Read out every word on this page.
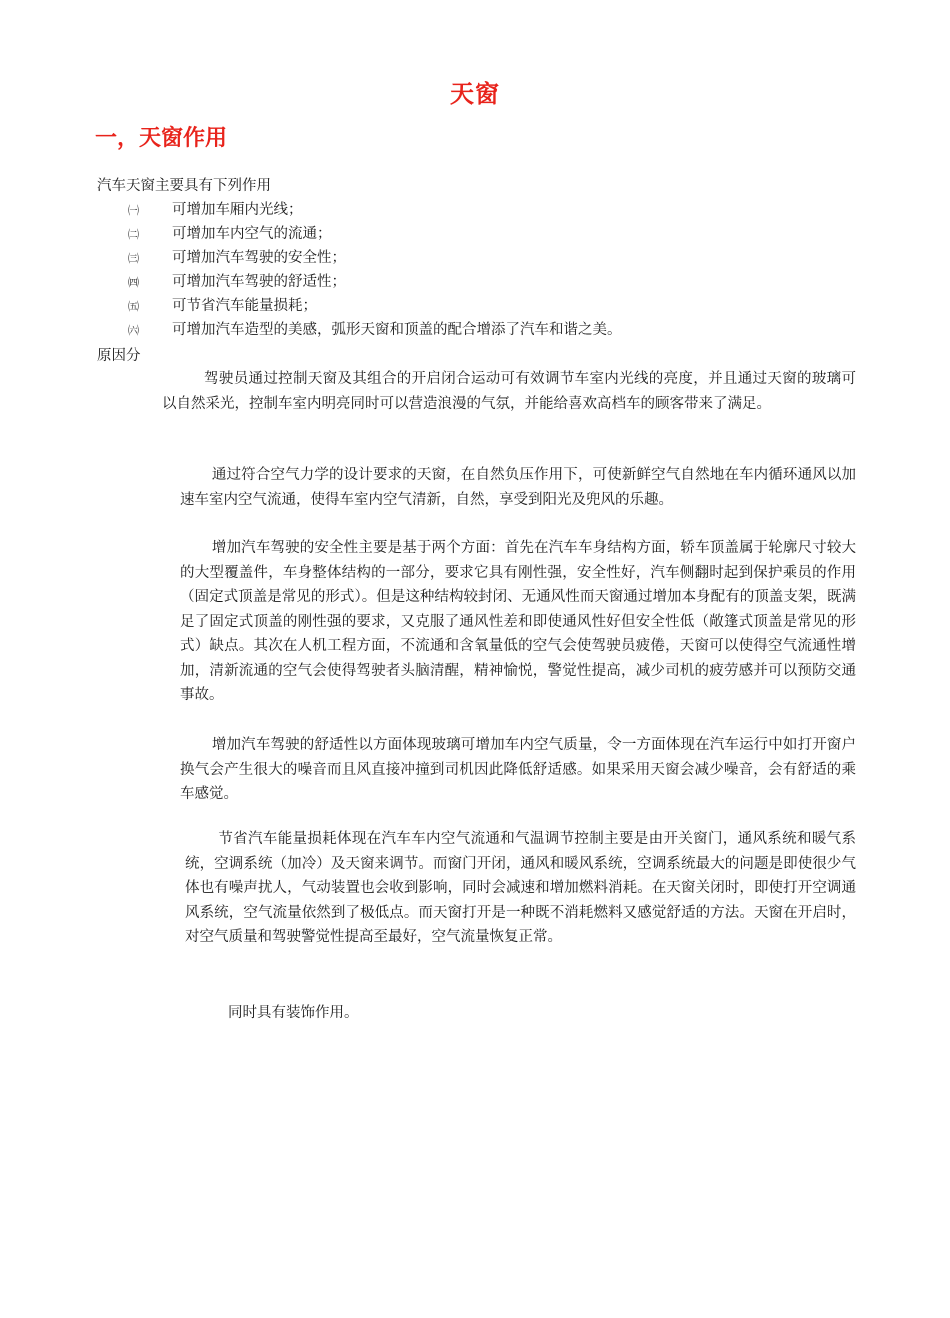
天窗
一，天窗作用
汽车天窗主要具有下列作用
㈠ 可增加车厢内光线；
㈡ 可增加车内空气的流通；
㈢ 可增加汽车驾驶的安全性；
㈣ 可增加汽车驾驶的舒适性；
㈤ 可节省汽车能量损耗；
㈥ 可增加汽车造型的美感，弧形天窗和顶盖的配合增添了汽车和谐之美。
原因分

驾驶员通过控制天窗及其组合的开启闭合运动可有效调节车室内光线的亮度，并且通过天窗的玻璃可以自然采光，控制车室内明亮同时可以营造浪漫的气氛，并能给喜欢高档车的顾客带来了满足。

通过符合空气力学的设计要求的天窗，在自然负压作用下，可使新鲜空气自然地在车内循环通风以加速车室内空气流通，使得车室内空气清新，自然，享受到阳光及兜风的乐趣。

增加汽车驾驶的安全性主要是基于两个方面：首先在汽车车身结构方面，轿车顶盖属于轮廓尺寸较大的大型覆盖件，车身整体结构的一部分，要求它具有刚性强，安全性好，汽车侧翻时起到保护乘员的作用（固定式顶盖是常见的形式）。但是这种结构较封闭、无通风性而天窗通过增加本身配有的顶盖支架，既满足了固定式顶盖的刚性强的要求，又克服了通风性差和即使通风性好但安全性低（敞篷式顶盖是常见的形式）缺点。其次在人机工程方面，不流通和含氧量低的空气会使驾驶员疲倦，天窗可以使得空气流通性增加，清新流通的空气会使得驾驶者头脑清醒，精神愉悦，警觉性提高，减少司机的疲劳感并可以预防交通事故。

增加汽车驾驶的舒适性以方面体现玻璃可增加车内空气质量，令一方面体现在汽车运行中如打开窗户换气会产生很大的噪音而且风直接冲撞到司机因此降低舒适感。如果采用天窗会减少噪音，会有舒适的乘车感觉。

节省汽车能量损耗体现在汽车车内空气流通和气温调节控制主要是由开关窗门，通风系统和暖气系统，空调系统（加冷）及天窗来调节。而窗门开闭，通风和暖风系统，空调系统最大的问题是即使很少气体也有噪声扰人，气动装置也会收到影响，同时会减速和增加燃料消耗。在天窗关闭时，即使打开空调通风系统，空气流量依然到了极低点。而天窗打开是一种既不消耗燃料又感觉舒适的方法。天窗在开启时，对空气质量和驾驶警觉性提高至最好，空气流量恢复正常。

同时具有装饰作用。
